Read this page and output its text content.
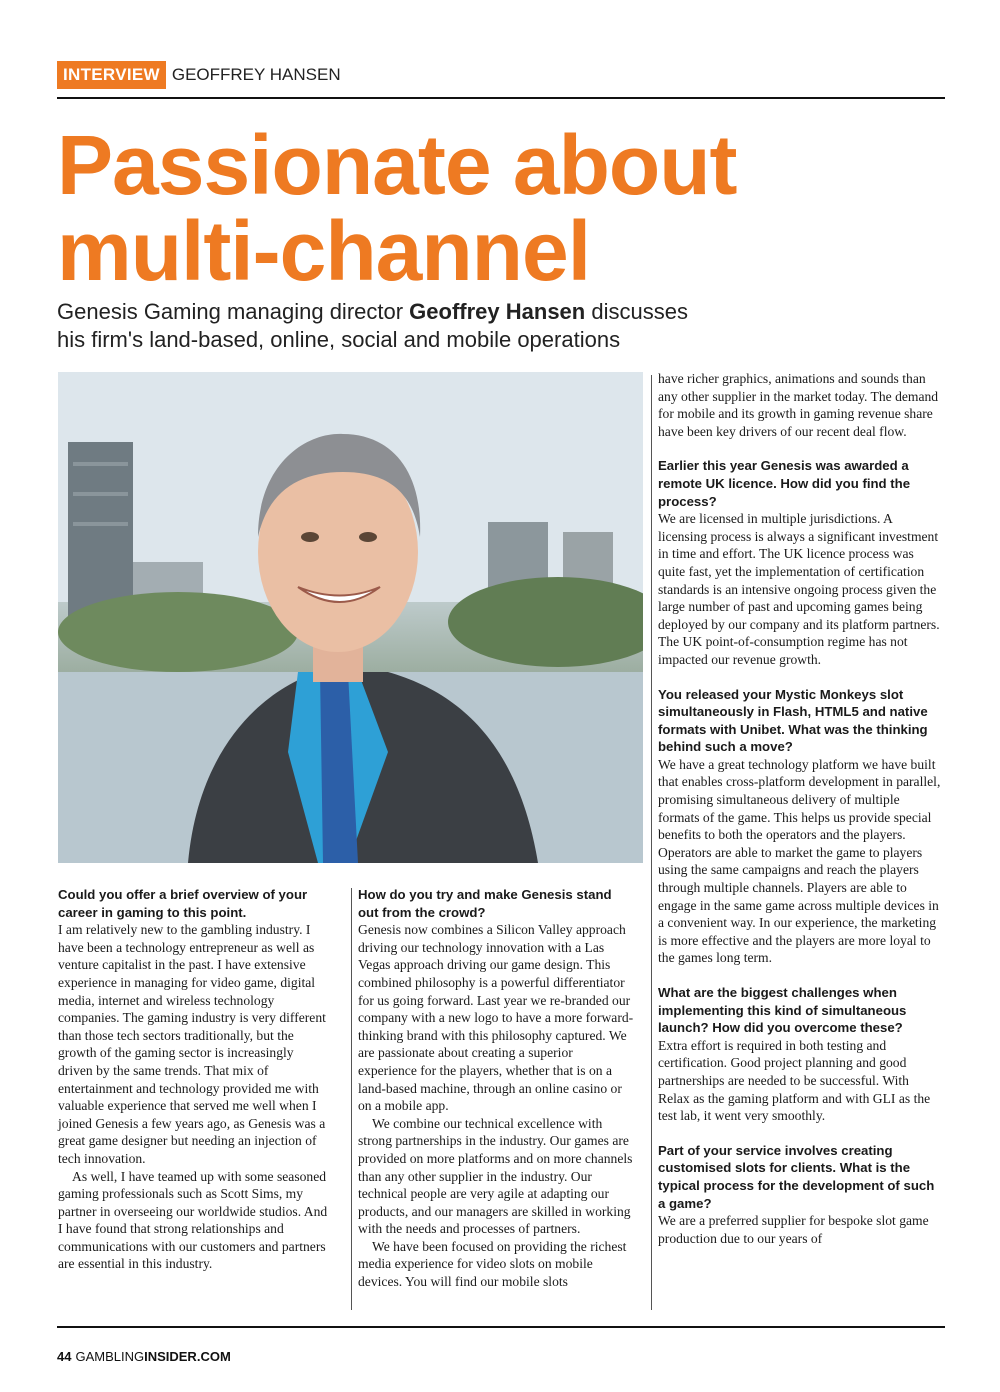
INTERVIEW GEOFFREY HANSEN
Passionate about
multi-channel

Genesis Gaming managing director Geoffrey Hansen discusses
his firm's land-based, online, social and mobile operations

Could you offer a brief overview of your career in gaming to this point.

I am relatively new to the gambling industry. I have been a technology entrepreneur as well as venture capitalist in the past. I have extensive experience in managing for video game, digital media, internet and wireless technology companies. The gaming industry is very different than those tech sectors traditionally, but the growth of the gaming sector is increasingly driven by the same trends. That mix of entertainment and technology provided me with valuable experience that served me well when I joined Genesis a few years ago, as Genesis was a great game designer but needing an injection of tech innovation.

As well, I have teamed up with some seasoned gaming professionals such as Scott Sims, my partner in overseeing our worldwide studios. And I have found that strong relationships and communications with our customers and partners are essential in this industry.

How do you try and make Genesis stand out from the crowd?

Genesis now combines a Silicon Valley approach driving our technology innovation with a Las Vegas approach driving our game design. This combined philosophy is a powerful differentiator for us going forward. Last year we re-branded our company with a new logo to have a more forward-thinking brand with this philosophy captured. We are passionate about creating a superior experience for the players, whether that is on a land-based machine, through an online casino or on a mobile app.

We combine our technical excellence with strong partnerships in the industry. Our games are provided on more platforms and on more channels than any other supplier in the industry. Our technical people are very agile at adapting our products, and our managers are skilled in working with the needs and processes of partners.

We have been focused on providing the richest media experience for video slots on mobile devices. You will find our mobile slots

have richer graphics, animations and sounds than any other supplier in the market today. The demand for mobile and its growth in gaming revenue share have been key drivers of our recent deal flow.

Earlier this year Genesis was awarded a remote UK licence. How did you find the process?

We are licensed in multiple jurisdictions. A licensing process is always a significant investment in time and effort. The UK licence process was quite fast, yet the implementation of certification standards is an intensive ongoing process given the large number of past and upcoming games being deployed by our company and its platform partners. The UK point-of-consumption regime has not impacted our revenue growth.

You released your Mystic Monkeys slot simultaneously in Flash, HTML5 and native formats with Unibet. What was the thinking behind such a move?

We have a great technology platform we have built that enables cross-platform development in parallel, promising simultaneous delivery of multiple formats of the game. This helps us provide special benefits to both the operators and the players. Operators are able to market the game to players using the same campaigns and reach the players through multiple channels. Players are able to engage in the same game across multiple devices in a convenient way. In our experience, the marketing is more effective and the players are more loyal to the games long term.

What are the biggest challenges when implementing this kind of simultaneous launch? How did you overcome these?

Extra effort is required in both testing and certification. Good project planning and good partnerships are needed to be successful. With Relax as the gaming platform and with GLI as the test lab, it went very smoothly.

Part of your service involves creating customised slots for clients. What is the typical process for the development of such a game?

We are a preferred supplier for bespoke slot game production due to our years of

44 GAMBLINGINSIDER.COM
